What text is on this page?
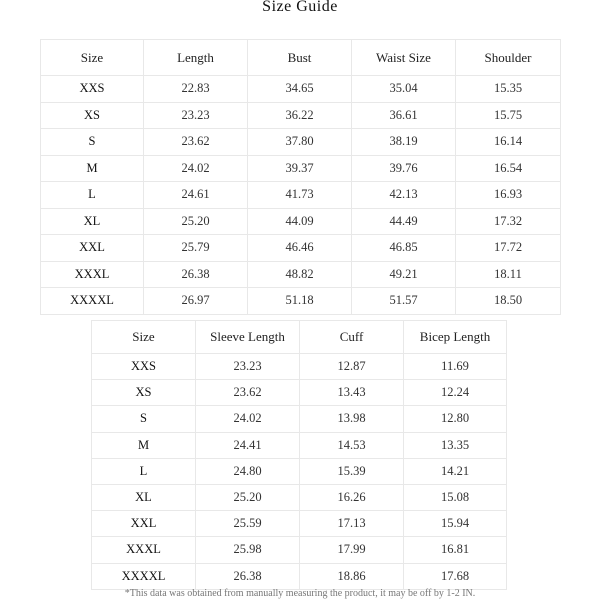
Size Guide
Size	Length	Bust	Waist Size	Shoulder
XXS	22.83	34.65	35.04	15.35
XS	23.23	36.22	36.61	15.75
S	23.62	37.80	38.19	16.14
M	24.02	39.37	39.76	16.54
L	24.61	41.73	42.13	16.93
XL	25.20	44.09	44.49	17.32
XXL	25.79	46.46	46.85	17.72
XXXL	26.38	48.82	49.21	18.11
XXXXL	26.97	51.18	51.57	18.50
Size	Sleeve Length	Cuff	Bicep Length
XXS	23.23	12.87	11.69
XS	23.62	13.43	12.24
S	24.02	13.98	12.80
M	24.41	14.53	13.35
L	24.80	15.39	14.21
XL	25.20	16.26	15.08
XXL	25.59	17.13	15.94
XXXL	25.98	17.99	16.81
XXXXL	26.38	18.86	17.68
*This data was obtained from manually measuring the product, it may be off by 1-2 IN.
